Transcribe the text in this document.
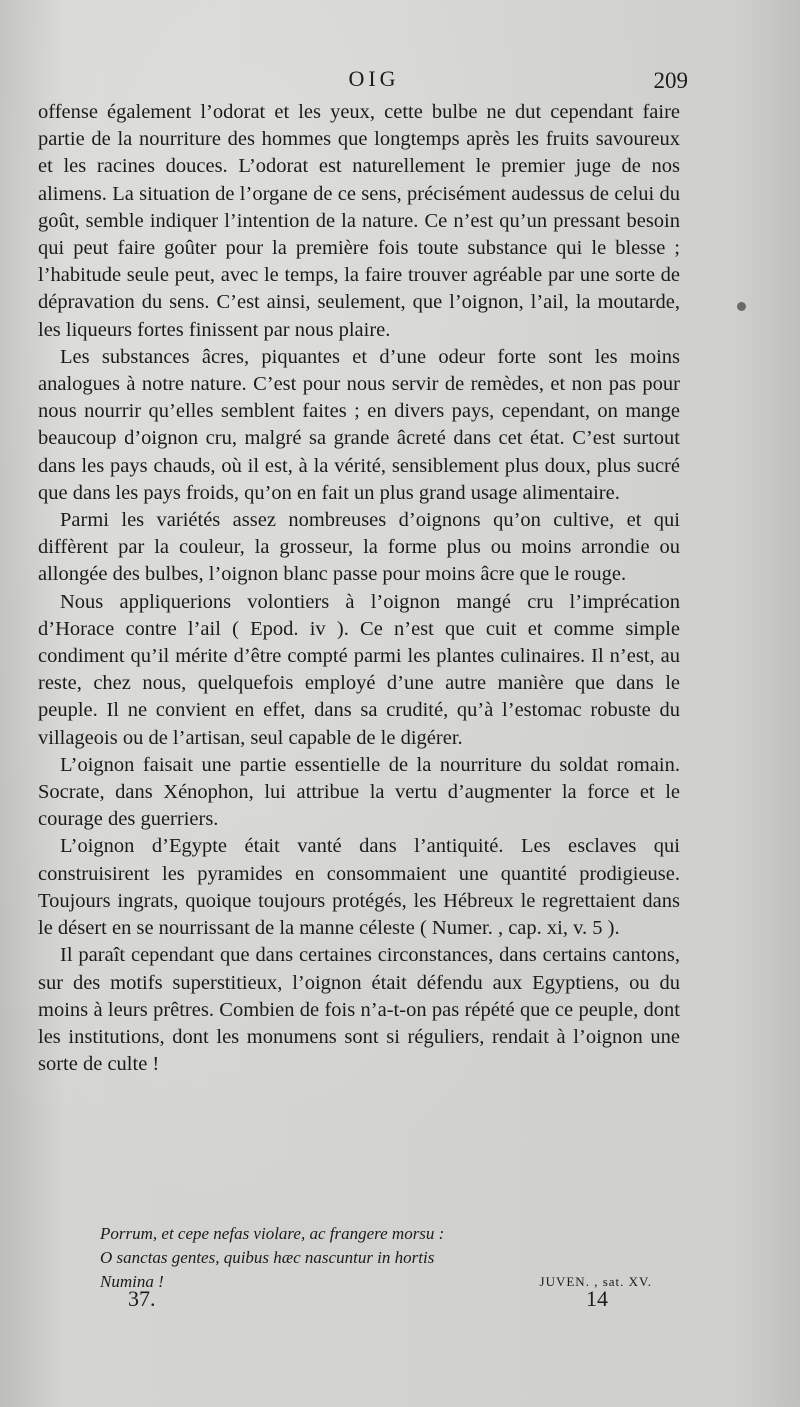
OIG	209

offense également l’odorat et les yeux, cette bulbe ne dut cependant faire partie de la nourriture des hommes que longtemps après les fruits savoureux et les racines douces. L’odorat est naturellement le premier juge de nos alimens. La situation de l’organe de ce sens, précisément audessus de celui du goût, semble indiquer l’intention de la nature. Ce n’est qu’un pressant besoin qui peut faire goûter pour la première fois toute substance qui le blesse ; l’habitude seule peut, avec le temps, la faire trouver agréable par une sorte de dépravation du sens. C’est ainsi, seulement, que l’oignon, l’ail, la moutarde, les liqueurs fortes finissent par nous plaire.

Les substances âcres, piquantes et d’une odeur forte sont les moins analogues à notre nature. C’est pour nous servir de remèdes, et non pas pour nous nourrir qu’elles semblent faites ; en divers pays, cependant, on mange beaucoup d’oignon cru, malgré sa grande âcreté dans cet état. C’est surtout dans les pays chauds, où il est, à la vérité, sensiblement plus doux, plus sucré que dans les pays froids, qu’on en fait un plus grand usage alimentaire.

Parmi les variétés assez nombreuses d’oignons qu’on cultive, et qui diffèrent par la couleur, la grosseur, la forme plus ou moins arrondie ou allongée des bulbes, l’oignon blanc passe pour moins âcre que le rouge.

Nous appliquerions volontiers à l’oignon mangé cru l’imprécation d’Horace contre l’ail ( Epod. iv ). Ce n’est que cuit et comme simple condiment qu’il mérite d’être compté parmi les plantes culinaires. Il n’est, au reste, chez nous, quelquefois employé d’une autre manière que dans le peuple. Il ne convient en effet, dans sa crudité, qu’à l’estomac robuste du villageois ou de l’artisan, seul capable de le digérer.

L’oignon faisait une partie essentielle de la nourriture du soldat romain. Socrate, dans Xénophon, lui attribue la vertu d’augmenter la force et le courage des guerriers.

L’oignon d’Egypte était vanté dans l’antiquité. Les esclaves qui construisirent les pyramides en consommaient une quantité prodigieuse. Toujours ingrats, quoique toujours protégés, les Hébreux le regrettaient dans le désert en se nourrissant de la manne céleste ( Numer. , cap. xi, v. 5 ).

Il paraît cependant que dans certaines circonstances, dans certains cantons, sur des motifs superstitieux, l’oignon était défendu aux Egyptiens, ou du moins à leurs prêtres. Combien de fois n’a-t-on pas répété que ce peuple, dont les institutions, dont les monumens sont si réguliers, rendait à l’oignon une sorte de culte !

Porrum, et cepe nefas violare, ac frangere morsu :
O sanctas gentes, quibus hæc nascuntur in hortis
Numina !	JUVEN. , sat. XV.
37.	14
